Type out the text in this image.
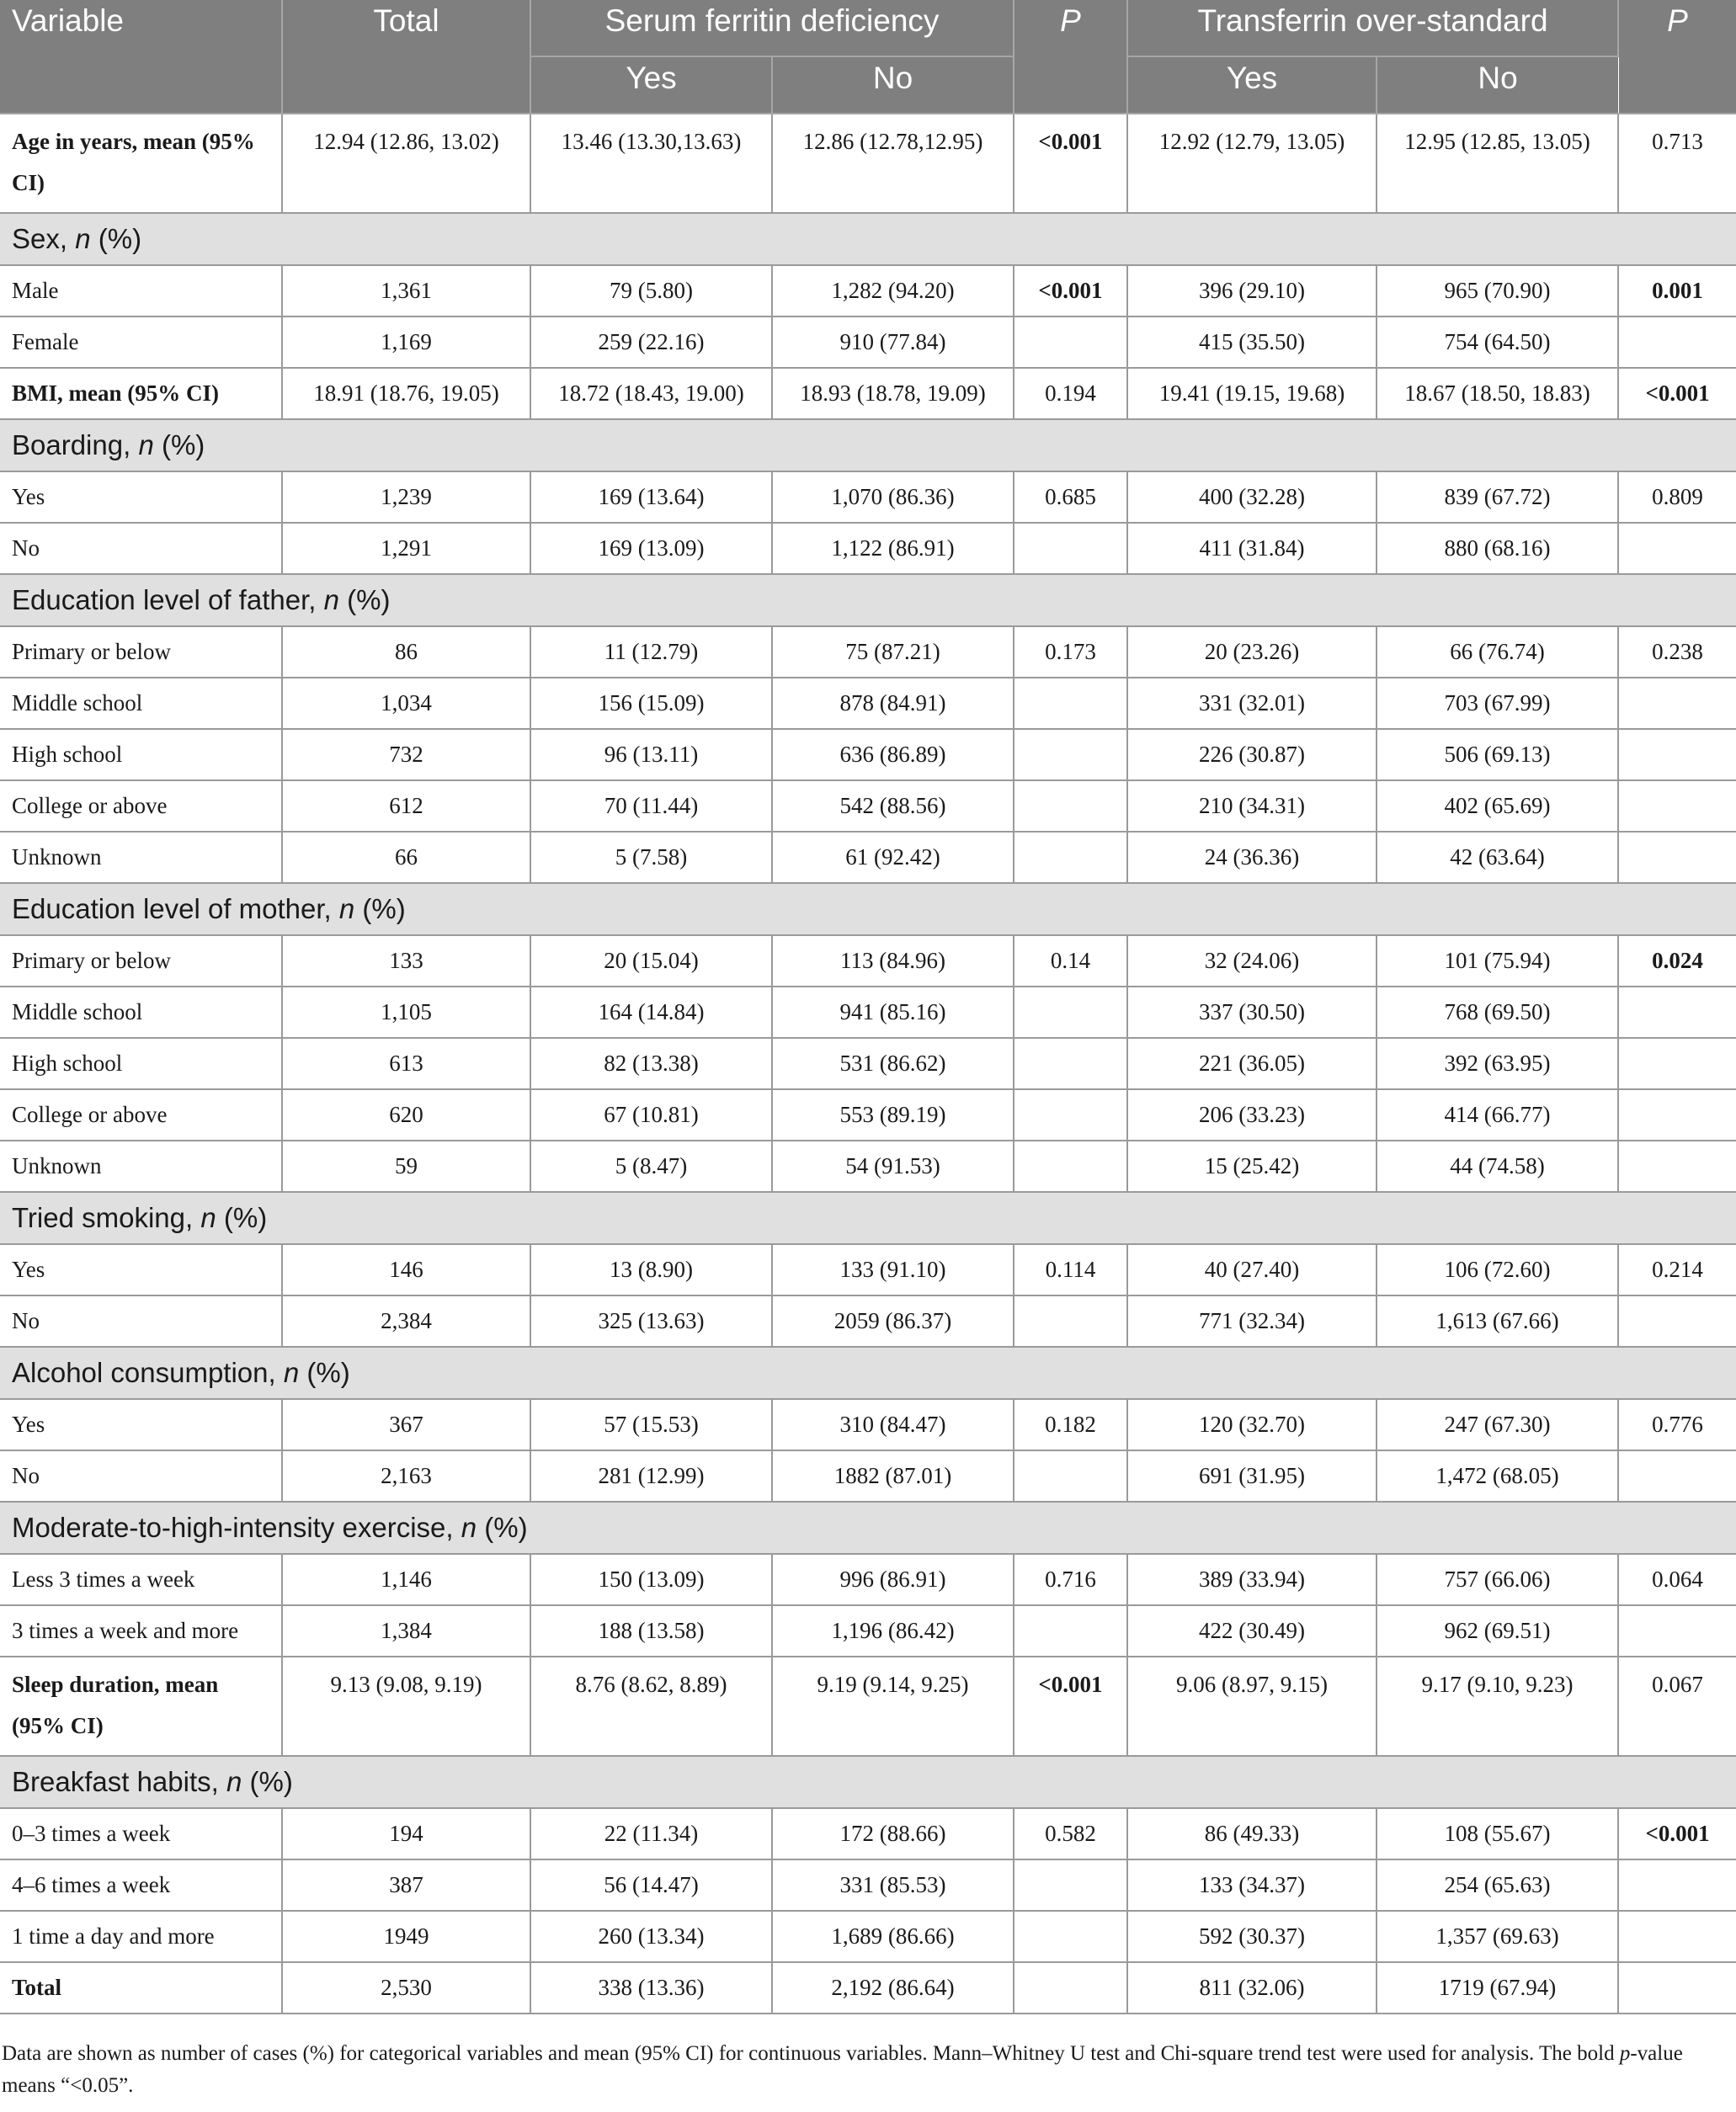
Variable	Total	Serum ferritin deficiency		P	Transferrin over-standard		P
		Yes	No		Yes	No	
Age in years, mean (95% CI)	12.94 (12.86, 13.02)	13.46 (13.30,13.63)	12.86 (12.78,12.95)	<0.001	12.92 (12.79, 13.05)	12.95 (12.85, 13.05)	0.713
Sex, n (%)							
Male	1,361	79 (5.80)	1,282 (94.20)	<0.001	396 (29.10)	965 (70.90)	0.001
Female	1,169	259 (22.16)	910 (77.84)		415 (35.50)	754 (64.50)	
BMI, mean (95% CI)	18.91 (18.76, 19.05)	18.72 (18.43, 19.00)	18.93 (18.78, 19.09)	0.194	19.41 (19.15, 19.68)	18.67 (18.50, 18.83)	<0.001
Boarding, n (%)							
Yes	1,239	169 (13.64)	1,070 (86.36)	0.685	400 (32.28)	839 (67.72)	0.809
No	1,291	169 (13.09)	1,122 (86.91)		411 (31.84)	880 (68.16)	
Education level of father, n (%)							
Primary or below	86	11 (12.79)	75 (87.21)	0.173	20 (23.26)	66 (76.74)	0.238
Middle school	1,034	156 (15.09)	878 (84.91)		331 (32.01)	703 (67.99)	
High school	732	96 (13.11)	636 (86.89)		226 (30.87)	506 (69.13)	
College or above	612	70 (11.44)	542 (88.56)		210 (34.31)	402 (65.69)	
Unknown	66	5 (7.58)	61 (92.42)		24 (36.36)	42 (63.64)	
Education level of mother, n (%)							
Primary or below	133	20 (15.04)	113 (84.96)	0.14	32 (24.06)	101 (75.94)	0.024
Middle school	1,105	164 (14.84)	941 (85.16)		337 (30.50)	768 (69.50)	
High school	613	82 (13.38)	531 (86.62)		221 (36.05)	392 (63.95)	
College or above	620	67 (10.81)	553 (89.19)		206 (33.23)	414 (66.77)	
Unknown	59	5 (8.47)	54 (91.53)		15 (25.42)	44 (74.58)	
Tried smoking, n (%)							
Yes	146	13 (8.90)	133 (91.10)	0.114	40 (27.40)	106 (72.60)	0.214
No	2,384	325 (13.63)	2059 (86.37)		771 (32.34)	1,613 (67.66)	
Alcohol consumption, n (%)							
Yes	367	57 (15.53)	310 (84.47)	0.182	120 (32.70)	247 (67.30)	0.776
No	2,163	281 (12.99)	1882 (87.01)		691 (31.95)	1,472 (68.05)	
Moderate-to-high-intensity exercise, n (%)							
Less 3 times a week	1,146	150 (13.09)	996 (86.91)	0.716	389 (33.94)	757 (66.06)	0.064
3 times a week and more	1,384	188 (13.58)	1,196 (86.42)		422 (30.49)	962 (69.51)	
Sleep duration, mean (95% CI)	9.13 (9.08, 9.19)	8.76 (8.62, 8.89)	9.19 (9.14, 9.25)	<0.001	9.06 (8.97, 9.15)	9.17 (9.10, 9.23)	0.067
Breakfast habits, n (%)							
0–3 times a week	194	22 (11.34)	172 (88.66)	0.582	86 (49.33)	108 (55.67)	<0.001
4–6 times a week	387	56 (14.47)	331 (85.53)		133 (34.37)	254 (65.63)	
1 time a day and more	1949	260 (13.34)	1,689 (86.66)		592 (30.37)	1,357 (69.63)	
Total	2,530	338 (13.36)	2,192 (86.64)		811 (32.06)	1719 (67.94)	
Data are shown as number of cases (%) for categorical variables and mean (95% CI) for continuous variables. Mann–Whitney U test and Chi-square trend test were used for analysis. The bold p-value means “<0.05”.
